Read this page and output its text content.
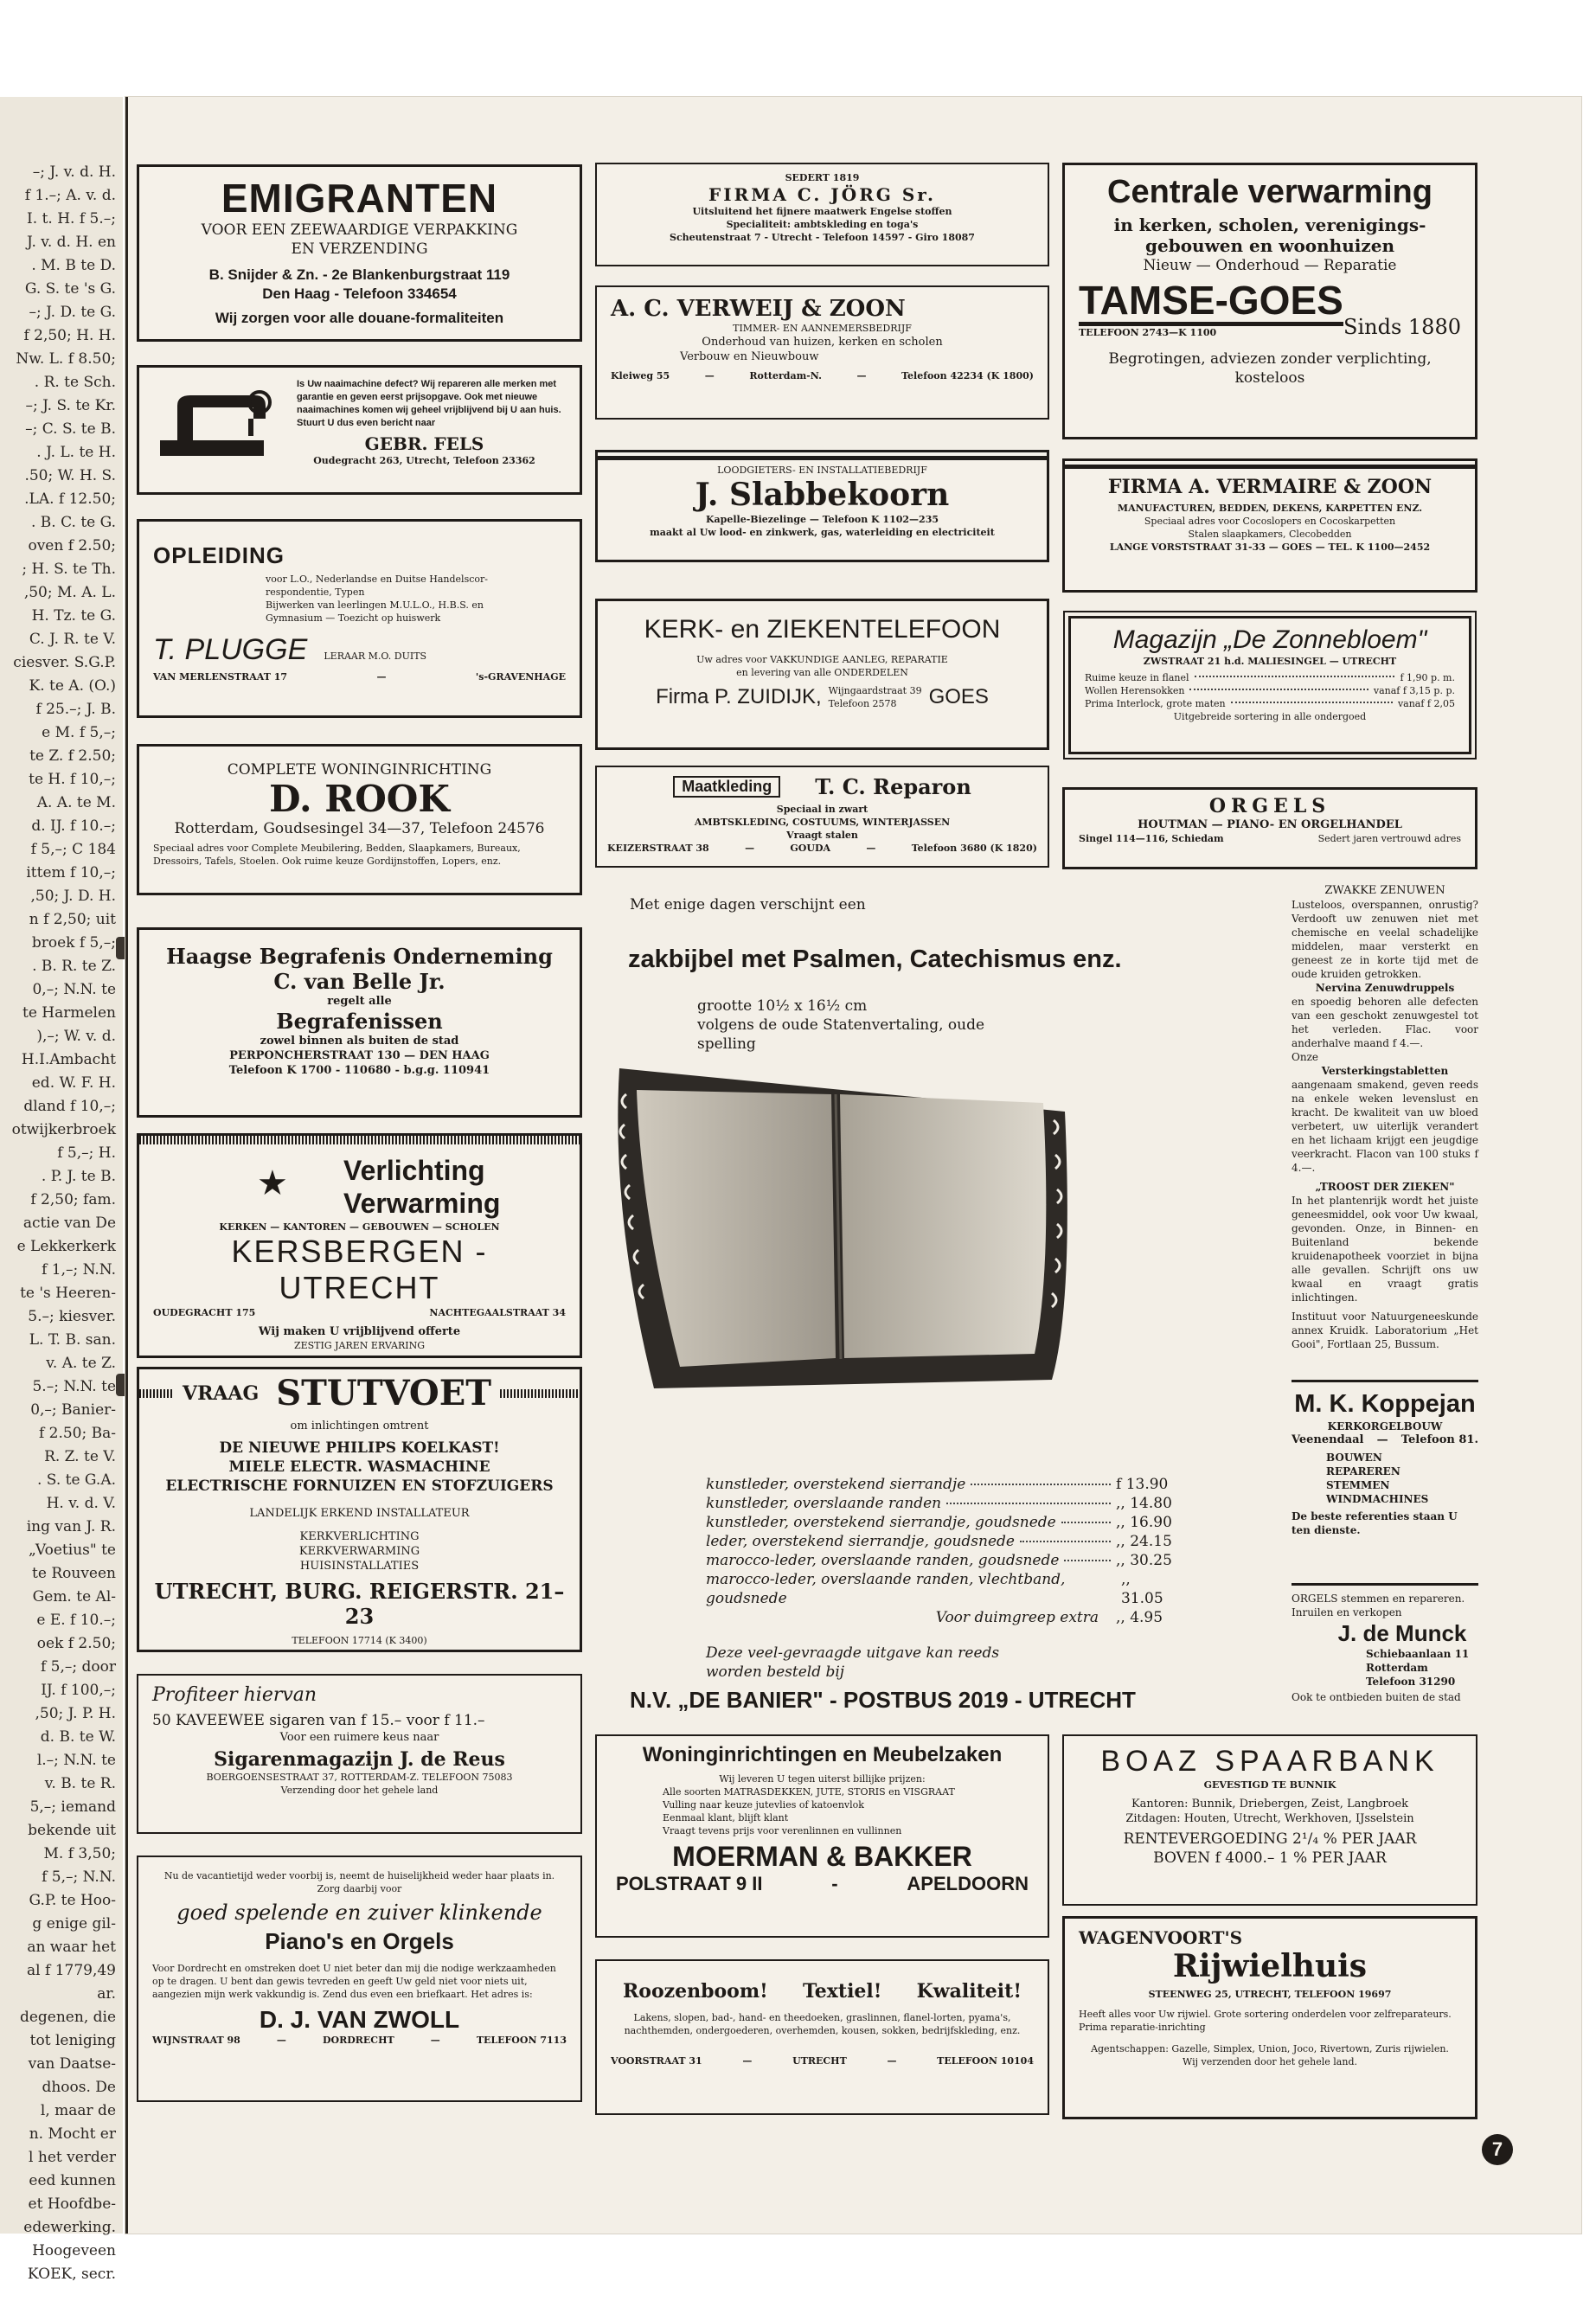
–; J. v. d. H.
f 1.–; A. v. d.
I. t. H. f 5.–;
J. v. d. H. en
. M. B te D.
G. S. te 's G.
–; J. D. te G.
f 2,50; H. H.
Nw. L. f 8.50;
. R. te Sch.
–; J. S. te Kr.
–; C. S. te B.
. J. L. te H.
.50; W. H. S.
.LA. f 12.50;
. B. C. te G.
oven f 2.50;
; H. S. te Th.
,50; M. A. L.
H. Tz. te G.
C. J. R. te V.
ciesver. S.G.P.
K. te A. (O.)
f 25.–; J. B.
e M. f 5,–;
te Z. f 2.50;
te H. f 10,–;
A. A. te M.
d. IJ. f 10.–;
f 5,–; C 184
ittem f 10,–;
,50; J. D. H.
n f 2,50; uit
broek f 5,–;
. B. R. te Z.
0,–; N.N. te
te Harmelen
),–; W. v. d.
H.I.Ambacht
ed. W. F. H.
dland f 10,–;
otwijkerbroek
f 5,–; H.
. P. J. te B.
f 2,50; fam.
actie van De
e Lekkerkerk
f 1,–; N.N.
te 's Heeren-
5.–; kiesver.
L. T. B. san.
v. A. te Z.
5.–; N.N. te
0,–; Banier-
f 2.50; Ba-
R. Z. te V.
. S. te G.A.
H. v. d. V.
ing van J. R.
„Voetius" te
te Rouveen
Gem. te Al-
e E. f 10.–;
oek f 2.50;
f 5,–; door
IJ. f 100,–;
,50; J. P. H.
d. B. te W.
l.–; N.N. te
v. B. te R.
5,–; iemand
bekende uit
M. f 3,50;
f 5,–; N.N.
G.P. te Hoo-
g enige gil-
an waar het
al f 1779,49
ar.
degenen, die
tot leniging
van Daatse-
dhoos. De
l, maar de
n. Mocht er
l het verder
eed kunnen
et Hoofdbe-
edewerking.
Hoogeveen
KOEK, secr.
EMIGRANTEN
VOOR EEN ZEEWAARDIGE VERPAKKING
EN VERZENDING
B. Snijder & Zn. - 2e Blankenburgstraat 119
Den Haag - Telefoon 334654
Wij zorgen voor alle douane-formaliteiten
Is Uw naaimachine defect? Wij repareren alle merken met garantie en geven eerst prijsopgave. Ook met nieuwe naaimachines komen wij geheel vrijblijvend bij U aan huis. Stuurt U dus even bericht naar
GEBR. FELS
Oudegracht 263, Utrecht, Telefoon 23362
OPLEIDING
voor L.O., Nederlandse en Duitse Handelscor-
respondentie, Typen
Bijwerken van leerlingen M.U.L.O., H.B.S. en
Gymnasium — Toezicht op huiswerk
T. PLUGGE LERAAR M.O. DUITS
VAN MERLENSTRAAT 17	—	's-GRAVENHAGE
COMPLETE WONINGINRICHTING
D. ROOK
Rotterdam, Goudsesingel 34—37, Telefoon 24576
Speciaal adres voor Complete Meubilering, Bedden, Slaapkamers, Bureaux, Dressoirs, Tafels, Stoelen. Ook ruime keuze Gordijnstoffen, Lopers, enz.
Haagse Begrafenis Onderneming
C. van Belle Jr.
regelt alle
Begrafenissen
zowel binnen als buiten de stad
PERPONCHERSTRAAT 130 — DEN HAAG
Telefoon K 1700 - 110680 - b.g.g. 110941
★ Verlichting
Verwarming
KERKEN — KANTOREN — GEBOUWEN — SCHOLEN
KERSBERGEN - UTRECHT
OUDEGRACHT 175	NACHTEGAALSTRAAT 34
Wij maken U vrijblijvend offerte
ZESTIG JAREN ERVARING
VRAAG STUTVOET
om inlichtingen omtrent
DE NIEUWE PHILIPS KOELKAST!
MIELE ELECTR. WASMACHINE
ELECTRISCHE FORNUIZEN EN STOFZUIGERS
LANDELIJK ERKEND INSTALLATEUR
KERKVERLICHTING
KERKVERWARMING
HUISINSTALLATIES
UTRECHT, BURG. REIGERSTR. 21–23
TELEFOON 17714 (K 3400)
Profiteer hiervan
50 KAVEEWEE sigaren van f 15.– voor f 11.–
Voor een ruimere keus naar
Sigarenmagazijn J. de Reus
BOERGOENSESTRAAT 37, ROTTERDAM-Z. TELEFOON 75083
Verzending door het gehele land
Nu de vacantietijd weder voorbij is, neemt de huiselijkheid weder haar plaats in. Zorg daarbij voor
goed spelende en zuiver klinkende
Piano's en Orgels
Voor Dordrecht en omstreken doet U niet beter dan mij die nodige werkzaamheden op te dragen. U bent dan gewis tevreden en geeft Uw geld niet voor niets uit, aangezien mijn werk vakkundig is. Zend dus even een briefkaart. Het adres is:
D. J. VAN ZWOLL
WIJNSTRAAT 98	—	DORDRECHT	—	TELEFOON 7113
SEDERT 1819
FIRMA C. JÖRG Sr.
Uitsluitend het fijnere maatwerk Engelse stoffen
Specialiteit: ambtskleding en toga's
Scheutenstraat 7 - Utrecht - Telefoon 14597 - Giro 18087
A. C. VERWEIJ & ZOON
TIMMER- EN AANNEMERSBEDRIJF
Onderhoud van huizen, kerken en scholen
Verbouw en Nieuwbouw
Kleiweg 55	—	Rotterdam-N.	—	Telefoon 42234 (K 1800)
LOODGIETERS- EN INSTALLATIEBEDRIJF
J. Slabbekoorn
Kapelle-Biezelinge — Telefoon K 1102—235
maakt al Uw lood- en zinkwerk, gas, waterleiding en electriciteit
KERK- en ZIEKENTELEFOON
Uw adres voor VAKKUNDIGE AANLEG, REPARATIE
en levering van alle ONDERDELEN
Firma P. ZUIDIJK, Wijngaardstraat 39
Telefoon 2578	GOES
Maatkleding	T. C. Reparon
Speciaal in zwart
AMBTSKLEDING, COSTUUMS, WINTERJASSEN
Vraagt stalen
KEIZERSTRAAT 38	—	GOUDA	—	Telefoon 3680 (K 1820)
Met enige dagen verschijnt een
zakbijbel met Psalmen, Catechismus enz.
grootte 10½ x 16½ cm
volgens de oude Statenvertaling, oude spelling
kunstleder, overstekend sierrandje	f 13.90
kunstleder, overslaande randen	,, 14.80
kunstleder, overstekend sierrandje, goudsnede	,, 16.90
leder, overstekend sierrandje, goudsnede	,, 24.15
marocco-leder, overslaande randen, goudsnede	,, 30.25
marocco-leder, overslaande randen, vlechtband, goudsnede
,, 31.05
Voor duimgreep extra ,, 4.95
Deze veel-gevraagde uitgave kan reeds worden besteld bij
N.V. „DE BANIER" - POSTBUS 2019 - UTRECHT
Woninginrichtingen en Meubelzaken
Wij leveren U tegen uiterst billijke prijzen:
Alle soorten MATRASDEKKEN, JUTE, STORIS en VISGRAAT
Vulling naar keuze jutevlies of katoenvlok
Eenmaal klant, blijft klant
Vraagt tevens prijs voor verenlinnen en vullinnen
MOERMAN & BAKKER
POLSTRAAT 9 II	-	APELDOORN
Roozenboom! Textiel! Kwaliteit!
Lakens, slopen, bad-, hand- en theedoeken, graslinnen, flanel-lorten, pyama's, nachthemden, ondergoederen, overhemden, kousen, sokken, bedrijfskleding, enz.
VOORSTRAAT 31	—	UTRECHT	—	TELEFOON 10104
Centrale verwarming
in kerken, scholen, verenigings-
gebouwen en woonhuizen
Nieuw — Onderhoud — Reparatie
TAMSE-GOES
TELEFOON 2743—K 1100	Sinds 1880
Begrotingen, adviezen zonder verplichting,
kosteloos
FIRMA A. VERMAIRE & ZOON
MANUFACTUREN, BEDDEN, DEKENS, KARPETTEN ENZ.
Speciaal adres voor Cocoslopers en Cocoskarpetten
Stalen slaapkamers, Clecobedden
LANGE VORSTSTRAAT 31-33 — GOES — TEL. K 1100—2452
Magazijn „De Zonnebloem"
ZWSTRAAT 21 h.d. MALIESINGEL — UTRECHT
Ruime keuze in flanel	f 1,90 p. m.
Wollen Herensokken	vanaf f 3,15 p. p.
Prima Interlock, grote maten	vanaf f 2,05
Uitgebreide sortering in alle ondergoed
ORGELS
HOUTMAN — PIANO- EN ORGELHANDEL
Singel 114—116, Schiedam	Sedert jaren vertrouwd adres
ZWAKKE ZENUWEN
Lusteloos, overspannen, onrustig? Verdooft uw zenuwen niet met chemische en veelal schadelijke middelen, maar versterkt en geneest ze in korte tijd met de oude kruiden getrokken.
Nervina Zenuwdruppels
en spoedig behoren alle defecten van een geschokt zenuwgestel tot het verleden. Flac. voor anderhalve maand f 4.—.
Onze
Versterkingstabletten
aangenaam smakend, geven reeds na enkele weken levenslust en kracht. De kwaliteit van uw bloed verbetert, uw uiterlijk verandert en het lichaam krijgt een jeugdige veerkracht. Flacon van 100 stuks f 4.—.
„TROOST DER ZIEKEN"
In het plantenrijk wordt het juiste geneesmiddel, ook voor Uw kwaal, gevonden. Onze, in Binnen- en Buitenland bekende kruidenapotheek voorziet in bijna alle gevallen. Schrijft ons uw kwaal en vraagt gratis inlichtingen.
Instituut voor Natuurgeneeskunde annex Kruidk. Laboratorium „Het Gooi", Fortlaan 25, Bussum.
M. K. Koppejan
KERKORGELBOUW
Veenendaal — Telefoon 81.
BOUWEN
REPAREREN
STEMMEN
WINDMACHINES
De beste referenties staan U ten dienste.
ORGELS stemmen en repareren.
Inruilen en verkopen
J. de Munck
Schiebaanlaan 11
Rotterdam
Telefoon 31290
Ook te ontbieden buiten de stad
BOAZ SPAARBANK
GEVESTIGD TE BUNNIK
Kantoren: Bunnik, Driebergen, Zeist, Langbroek
Zitdagen: Houten, Utrecht, Werkhoven, IJsselstein
RENTEVERGOEDING 2¹/₄ % PER JAAR
BOVEN f 4000.– 1 % PER JAAR
WAGENVOORT'S
Rijwielhuis
STEENWEG 25, UTRECHT, TELEFOON 19697
Heeft alles voor Uw rijwiel. Grote sortering onderdelen voor zelfreparateurs. Prima reparatie-inrichting
Agentschappen: Gazelle, Simplex, Union, Joco, Rivertown, Zuris rijwielen.
Wij verzenden door het gehele land.
7
